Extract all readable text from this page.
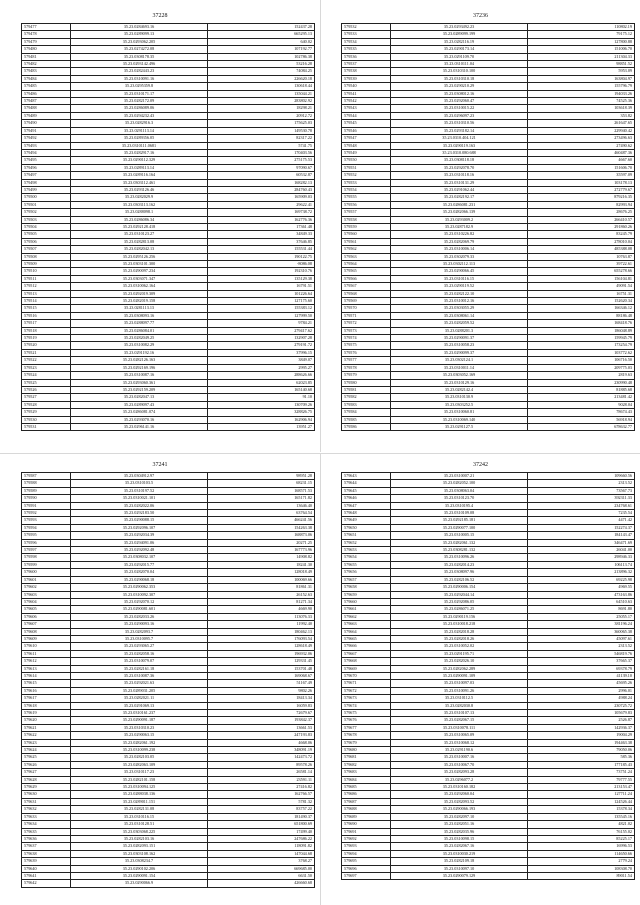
37228
579477	35.23.0284693.16	152437.28
579478	35.23.0289099.13	665295.13
579479	35.23.0293062.205	640.02
579480	35.23.0274272.08	107192.77
579481	35.23.0308178.35	102786.38
579482	35.23.0293142.496	53216.28
579483	35.23.0282443.23	74084.25
579484	35.23.0310091.16	226620.18
579485	35.23.0295359.8	130618.44
579486	35.23.0310171.17	135044.21
579487	35.23.0282172.09	283802.92
579488	35.23.0286089.06	18298.21
579489	35.23.0294232.43	20912.72
579490	35.23.0282916.3	175625.03
579491	35.23.0291113.14	149530.78
579492	35.23.0289356.05	82317.22
579493	35.23.0310111.0681	5741.75
579494	35.23.0282917.16	170403.56
579495	35.23.0290112.329	275175.53
579496	35.23.0289113.14	97090.67
579497	35.23.0289116.164	60532.87
579498	35.23.0303112.461	168282.13
579499	35.23.0293126.46	284760.43
579500	35.23.0282029.9	165909.03
579501	35.23.0303113.162	29622.41
579502	35.23.0288098.1	169738.72
579503	35.23.0286086.34	162776.36
579504	35.23.0292128.418	17361.48
579505	35.23.0310123.27	34849.33
579506	35.23.0282813.08	37646.85
579507	35.23.0282042.13	155531.44
579508	35.23.0295126.256	190122.75
579509	35.23.0303101.300	-8086.08
579510	35.23.0290097.234	192310.76
579511	35.23.0303071.347	135129.38
579512	35.23.0310062.164	16791.51
579513	35.23.0292019.309	101226.64
579514	35.23.0282019.158	127175.60
579515	35.23.0281113.13	155383.12
579516	35.23.0308093.16	127999.50
579517	35.23.0288097.77	9784.21
579518	35.23.0286084.01	279417.62
579519	35.23.0282049.25	132907.28
579520	35.23.0310082.29	279191.72
579521	35.23.0291192.16	37996.15
579522	35.23.0282126.163	3849.07
579523	35.23.0292169.196	2995.27
579524	35.23.0310087.16	288626.66
579525	35.23.0293060.361	62023.85
579526	35.23.0292159.209	165140.68
579527	35.23.0282047.13	91.10
579528	35.23.0289097.43	130709.26
579529	35.23.0286081.074	328826.75
579530	35.23.0293070.16	162906.94
579531	35.23.0296141.16	13951.27
37236
579532	35.23.0293492.23	110802.19
579533	35.23.0289099.199	79175.12
579534	35.23.0282116.19	127800.88
579535	35.23.0290173.14	151006.70
579536	35.23.0291109.70	211304.33
579537	35.23.0310111.04	98851.52
579538	35.23.0310310.100	5953.09
579539	35.23.0310310.18	163804.97
579540	35.23.0290210.29	155796.79
579541	35.23.0308012.16	194033.26
579542	35.23.0292060.47	74525.36
579543	35.23.0310015.22	103618.39
579544	35.23.0296097.23	353.82
579545	35.23.0310310.56	261647.65
579546	35.23.0293182.14	229940.42
579547	35.23.0310.404.121	273496.63
579548	35.23.0290119.163	27490.62
579549	35.23.0310.080.688	460487.36
579550	35.23.0308118.18	4667.60
579551	35.23.0292078.70	151606.70
579552	35.23.0310118.16	35597.09
579553	35.23.0310131.29	103178.13
579554	35.23.0291062.44	272779.67
579555	35.23.0282192.17	879216.35
579556	35.23.0286081.231	82993.94
579557	35.23.0282066.139	28676.25
579558	35.23.0293009.2	266410.57
579559	35.23.0287182.9	291860.26
579560	35.23.0310226.82	83245.79
579561	35.23.0282069.79	278010.04
579562	35.23.0310006.14	485388.08
579563	35.23.0302079.33	10763.87
579564	35.23.0302112.113	39722.61
579565	35.23.0290066.45	655278.66
579566	35.23.0310116.15	156104.81
579567	35.23.0290119.52	49091.54
579568	35.23.0282122.10	16751.31
579569	35.23.0310012.16	152620.34
579570	35.23.0303055.29	166346.12
579571	35.23.0308061.14	88186.48
579572	35.23.0282059.52	168418.76
579573	35.23.0288201.3	186048.89
579574	35.23.0290091.37	159945.79
579575	35.23.0310058.23	173254.79
579576	35.23.0290099.37	103772.62
579577	35.23.0302124.1	106716.50
579578	35.23.0310011.14	209775.03
579579	35.23.0303052.169	2819.63
579580	35.23.0310129.16	230990.48
579581	35.23.0282142.4	81885.68
579582	35.23.0310130.9	213481.42
579583	35.23.0303252.5	9028.04
579584	35.23.0310060.81	78674.43
579585	35.23.0310069.140	56918.94
579586	35.23.0291127.5	678632.77
37241
579587	35.23.0304912.97	98951.28
579588	35.23.0310103.5	68231.15
579589	35.23.0310197.52	168571.53
579590	35.23.0310021.101	165171.82
579591	35.23.0282022.06	13646.40
579592	35.23.0292183.50	63764.54
579593	35.23.0290088.15	466241.56
579594	35.23.0292096.107	154263.38
579595	35.23.0292034.39	168873.06
579596	35.23.0294091.06	20271.25
579597	35.23.0292092.48	167773.96
579598	35.23.0308032.107	14908.82
579599	35.23.0292015.77	18241.30
579600	35.23.0282070.04	128018.49
579601	35.23.0290068.18	100069.66
579602	35.23.0290062.353	81861.31
579603	35.23.0310092.307	26152.63
579604	35.23.0292070.12	81271.34
579605	35.23.0290081.601	4669.90
579606	35.23.0282033.26	113076.33
579607	35.23.0290093.16	11992.40
579608	35.23.0282093.7	180462.13
579609	35.23.0310095.7	176093.54
579610	35.23.0293065.27	128618.49
579611	35.23.0282058.16	196932.06
579612	35.23.0310079.07	129331.45
579613	35.23.0282161.18	153701.48
579614	35.23.0310087.36	169068.67
579615	35.23.0292021.63	51167.49
579616	35.23.0289031.205	9802.26
579617	35.23.0282021.11	18413.34
579618	35.23.0291069.13	16059.83
579619	35.23.0310161.237	72679.67
579620	35.23.0290091.187	193842.37
579621	35.23.0310310.23	13661.53
579622	35.23.0290063.15	247193.83
579623	35.23.0282061.192	4668.06
579624	35.23.0310099.238	348091.19
579625	35.23.0282103.05	142473.72
579626	35.23.0282063.109	89578.26
579627	35.23.0310117.23	26581.14
579628	35.23.0282101.158	23591.11
579629	35.23.0310094.125	27416.82
579630	35.23.0288038.136	162766.57
579631	35.23.0289011.151	5781.32
579632	35.23.0282131.08	83757.22
579633	35.23.0310116.15	181490.37
579634	35.23.0310128.51	651800.69
579635	35.23.0303068.225	17499.40
579636	35.23.0282103.16	247686.22
579637	35.23.0282093.151	118091.82
579638	35.23.0303108.162	147044.68
579639	35.23.0308234.7	3768.27
579640	35.23.0290102.206	669685.00
579641	35.23.0290091.154	6631.50
579642	35.23.0290066.9	426660.68
37242
579643	35.23.0310007.21	109660.56
579644	35.23.0282052.100	2313.52
579645	35.23.0308063.04	73567.73
579646	35.23.0310123.70	392311.33
579647	35.23.0310195.4	234768.61
579648	35.23.0310109.08	7235.54
579649	35.23.0292185.181	4471.42
579650	35.23.0290077.100	152274.37
579651	35.23.0310005.15	184143.47
579652	35.23.0282061.132	346471.69
579653	35.23.0308281.132	26041.00
579654	35.23.0310096.26	298946.33
579655	35.23.0282014.23	106113.74
579656	35.23.0308097.96	213896.32
579657	35.23.0282106.52	69225.98
579658	35.23.0290006.154	4969.55
579659	35.23.0292044.14	473163.86
579660	35.23.0292086.05	64510.63
579661	35.23.0286071.25	8691.80
579662	35.23.0290119.156	25055.17
579663	35.23.0310018.218	381196.24
579664	35.23.0282018.28	360065.38
579665	35.23.0282018.26	45097.61
579666	35.23.0310052.02	2313.52
579667	35.23.0291195.71	546819.76
579668	35.23.0282026.10	37665.37
579669	35.23.0282062.289	69378.79
579670	35.23.0290091.109	41139.10
579671	35.23.0310097.03	45695.26
579672	35.23.0310091.26	2996.01
579673	35.23.0310112.5	4988.24
579674	35.23.0282030.8	230725.72
579675	35.23.0310107.13	105679.83
579676	35.23.0282067.15	2526.87
579677	35.23.0310078.111	142936.37
579678	35.23.0310065.09	19004.29
579679	35.23.0310068.12	194463.38
579680	35.23.0291190.6	79050.06
579681	35.23.0310007.16	585.36
579682	35.23.0310067.70	177185.43
579683	35.23.0282093.28	73751.24
579684	35.23.0296077.2	79777.55
579685	35.23.0310160.182	213153.47
579686	35.23.0292060.04	127711.24
579687	35.23.0282093.52	124526.44
579688	35.23.0290066.193	15378.34
579689	35.23.0282097.10	135545.16
579690	35.23.0282051.16	4821.02
579691	35.23.0282035.96	76155.02
579692	35.23.0310098.15	85225.17
579693	35.23.0282067.16	16996.53
579694	35.23.0310030.219	114650.66
579695	35.23.0282109.18	2779.24
579696	35.23.0310097.10	108308.70
579697	35.23.0290079.129	89011.54
